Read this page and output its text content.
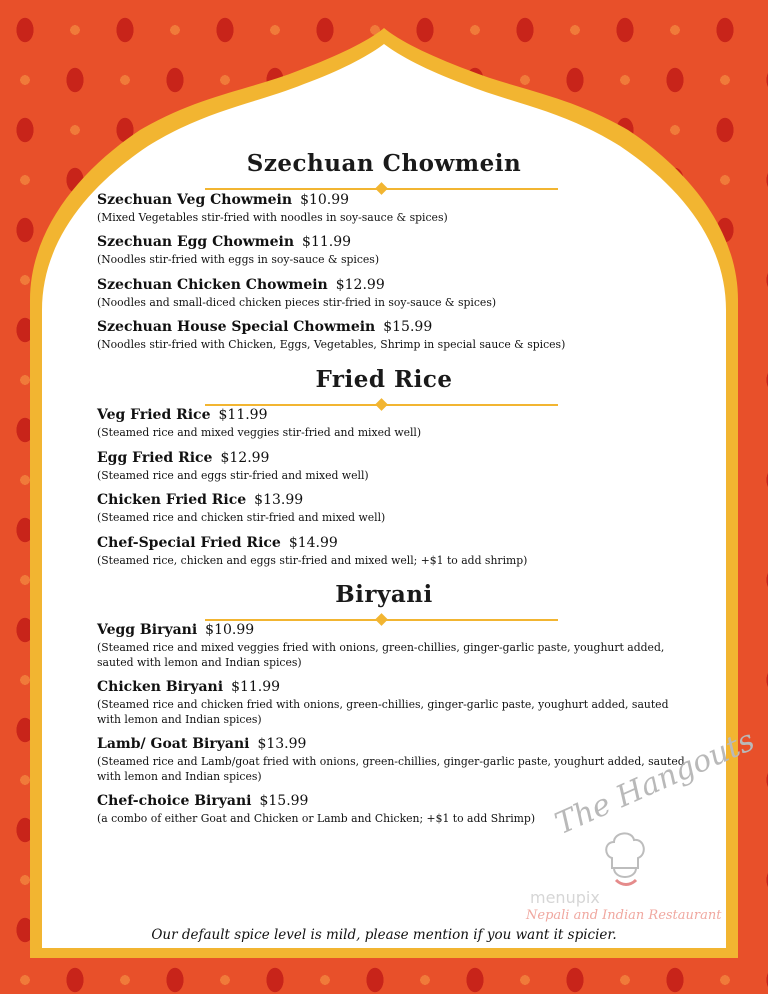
Szechuan Chowmein
Szechuan Veg Chowmein $10.99
(Mixed Vegetables stir-fried with noodles in soy-sauce & spices)
Szechuan Egg Chowmein $11.99
(Noodles stir-fried with eggs in soy-sauce & spices)
Szechuan Chicken Chowmein $12.99
(Noodles and small-diced chicken pieces stir-fried in soy-sauce & spices)
Szechuan House Special Chowmein $15.99
(Noodles stir-fried with Chicken, Eggs, Vegetables, Shrimp in special sauce & spices)
Fried Rice
Veg Fried Rice $11.99
(Steamed rice and mixed veggies stir-fried and mixed well)
Egg Fried Rice $12.99
(Steamed rice and eggs stir-fried and mixed well)
Chicken Fried Rice $13.99
(Steamed rice and chicken stir-fried and mixed well)
Chef-Special Fried Rice $14.99
(Steamed rice, chicken and eggs stir-fried and mixed well; +$1 to add shrimp)
Biryani
Vegg Biryani $10.99
(Steamed rice and mixed veggies fried with onions, green-chillies, ginger-garlic paste, youghurt added, sauted with lemon and Indian spices)
Chicken Biryani $11.99
(Steamed rice and chicken fried with onions, green-chillies, ginger-garlic paste, youghurt added, sauted with lemon and Indian spices)
Lamb/ Goat Biryani $13.99
(Steamed rice and Lamb/goat fried with onions, green-chillies, ginger-garlic paste, youghurt added, sauted with lemon and Indian spices)
Chef-choice Biryani $15.99
(a combo of either Goat and Chicken or Lamb and Chicken; +$1 to add Shrimp) The Hangouts
menupix
Nepali and Indian Restaurant
Our default spice level is mild, please mention if you want it spicier.
